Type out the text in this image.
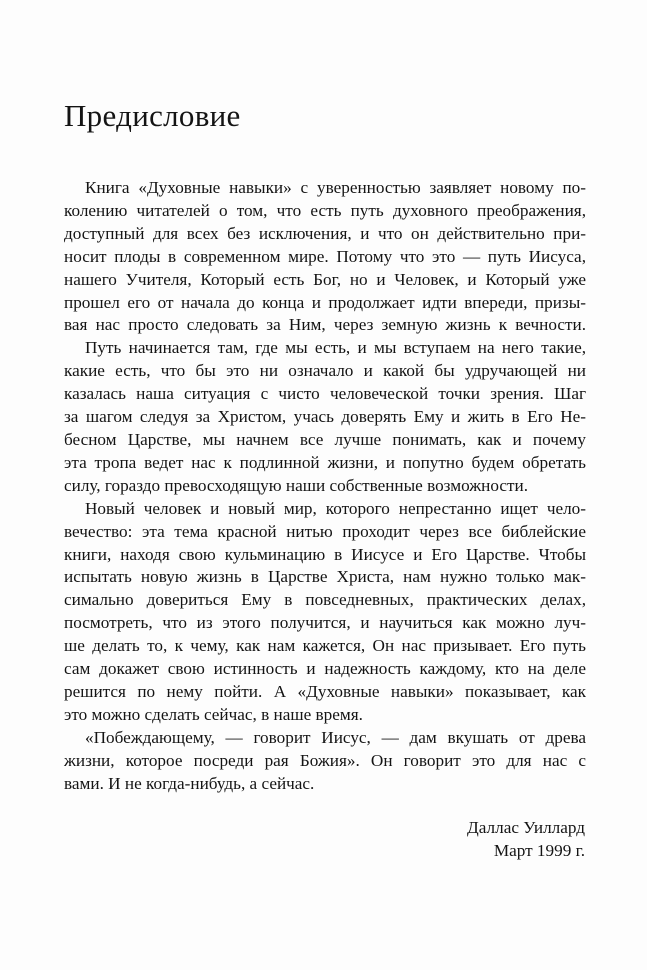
Предисловие

Книга «Духовные навыки» с уверенностью заявляет новому по-
колению читателей о том, что есть путь духовного преображения,
доступный для всех без исключения, и что он действительно при-
носит плоды в современном мире. Потому что это — путь Иисуса,
нашего Учителя, Который есть Бог, но и Человек, и Который уже
прошел его от начала до конца и продолжает идти впереди, призы-
вая нас просто следовать за Ним, через земную жизнь к вечности.

Путь начинается там, где мы есть, и мы вступаем на него такие,
какие есть, что бы это ни означало и какой бы удручающей ни
казалась наша ситуация с чисто человеческой точки зрения. Шаг
за шагом следуя за Христом, учась доверять Ему и жить в Его Не-
бесном Царстве, мы начнем все лучше понимать, как и почему
эта тропа ведет нас к подлинной жизни, и попутно будем обретать
силу, гораздо превосходящую наши собственные возможности.

Новый человек и новый мир, которого непрестанно ищет чело-
вечество: эта тема красной нитью проходит через все библейские
книги, находя свою кульминацию в Иисусе и Его Царстве. Чтобы
испытать новую жизнь в Царстве Христа, нам нужно только мак-
симально довериться Ему в повседневных, практических делах,
посмотреть, что из этого получится, и научиться как можно луч-
ше делать то, к чему, как нам кажется, Он нас призывает. Его путь
сам докажет свою истинность и надежность каждому, кто на деле
решится по нему пойти. А «Духовные навыки» показывает, как
это можно сделать сейчас, в наше время.

«Побеждающему, — говорит Иисус, — дам вкушать от древа
жизни, которое посреди рая Божия». Он говорит это для нас с
вами. И не когда-нибудь, а сейчас.

Даллас Уиллард
Март 1999 г.
